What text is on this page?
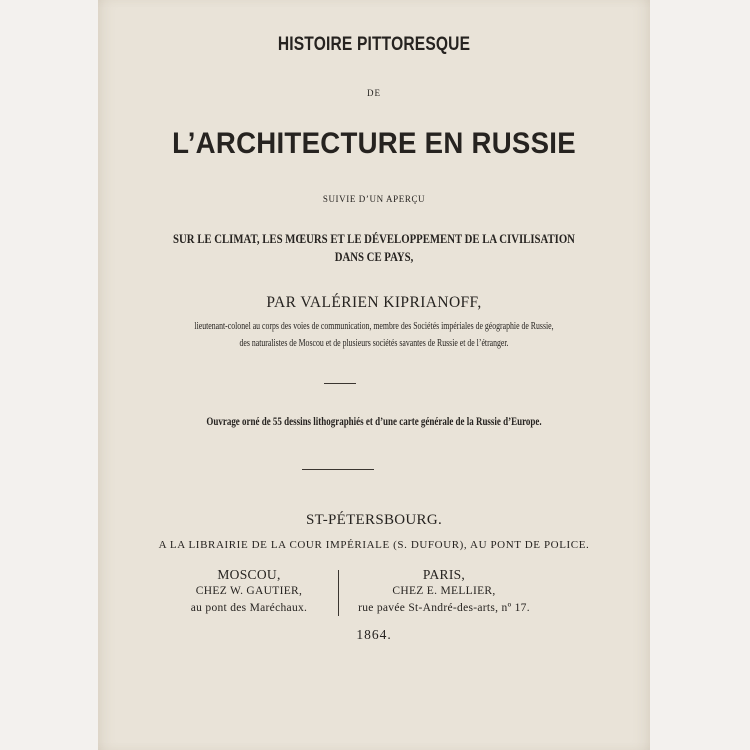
HISTOIRE PITTORESQUE
DE
L’ARCHITECTURE EN RUSSIE
SUIVIE D’UN APERÇU
SUR LE CLIMAT, LES MŒURS ET LE DÉVELOPPEMENT DE LA CIVILISATION
DANS CE PAYS,
PAR VALÉRIEN KIPRIANOFF,
lieutenant-colonel au corps des voies de communication, membre des Sociétés impériales de géographie de Russie,
des naturalistes de Moscou et de plusieurs sociétés savantes de Russie et de l’étranger.
Ouvrage orné de 55 dessins lithographiés et d’une carte générale de la Russie d’Europe.
ST-PÉTERSBOURG.
A LA LIBRAIRIE DE LA COUR IMPÉRIALE (S. DUFOUR), AU PONT DE POLICE.
MOSCOU,
CHEZ W. GAUTIER,
au pont des Maréchaux.
PARIS,
CHEZ E. MELLIER,
rue pavée St-André-des-arts, nº 17.
1864.
